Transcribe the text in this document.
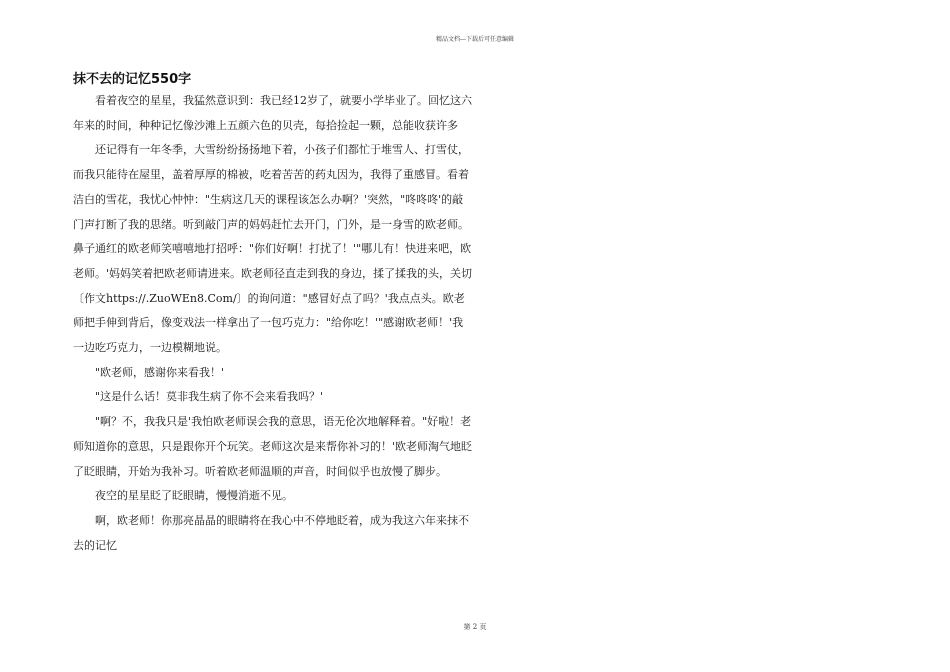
精品文档---下载后可任意编辑
抹不去的记忆550字

看着夜空的星星，我猛然意识到：我已经12岁了，就要小学毕业了。回忆这六年来的时间，种种记忆像沙滩上五颜六色的贝壳，每拾捡起一颗，总能收获许多

还记得有一年冬季，大雪纷纷扬扬地下着，小孩子们都忙于堆雪人、打雪仗，而我只能待在屋里，盖着厚厚的棉被，吃着苦苦的药丸因为，我得了重感冒。看着洁白的雪花，我忧心忡忡："生病这几天的课程该怎么办啊？'突然，"咚咚咚'的敲门声打断了我的思绪。听到敲门声的妈妈赶忙去开门，门外，是一身雪的欧老师。鼻子通红的欧老师笑嘻嘻地打招呼："你们好啊！打扰了！'"哪儿有！快进来吧，欧老师。'妈妈笑着把欧老师请进来。欧老师径直走到我的身边，揉了揉我的头，关切〔作文https://.ZuoWEn8.Com/〕的询问道："感冒好点了吗？'我点点头。欧老师把手伸到背后，像变戏法一样拿出了一包巧克力："给你吃！'"感谢欧老师！'我一边吃巧克力，一边模糊地说。

"欧老师，感谢你来看我！'

"这是什么话！莫非我生病了你不会来看我吗？'

"啊？不，我我只是'我怕欧老师误会我的意思，语无伦次地解释着。"好啦！老师知道你的意思，只是跟你开个玩笑。老师这次是来帮你补习的！'欧老师淘气地眨了眨眼睛，开始为我补习。听着欧老师温顺的声音，时间似乎也放慢了脚步。

夜空的星星眨了眨眼睛，慢慢消逝不见。

啊，欧老师！你那亮晶晶的眼睛将在我心中不停地眨着，成为我这六年来抹不去的记忆

第 2 页
